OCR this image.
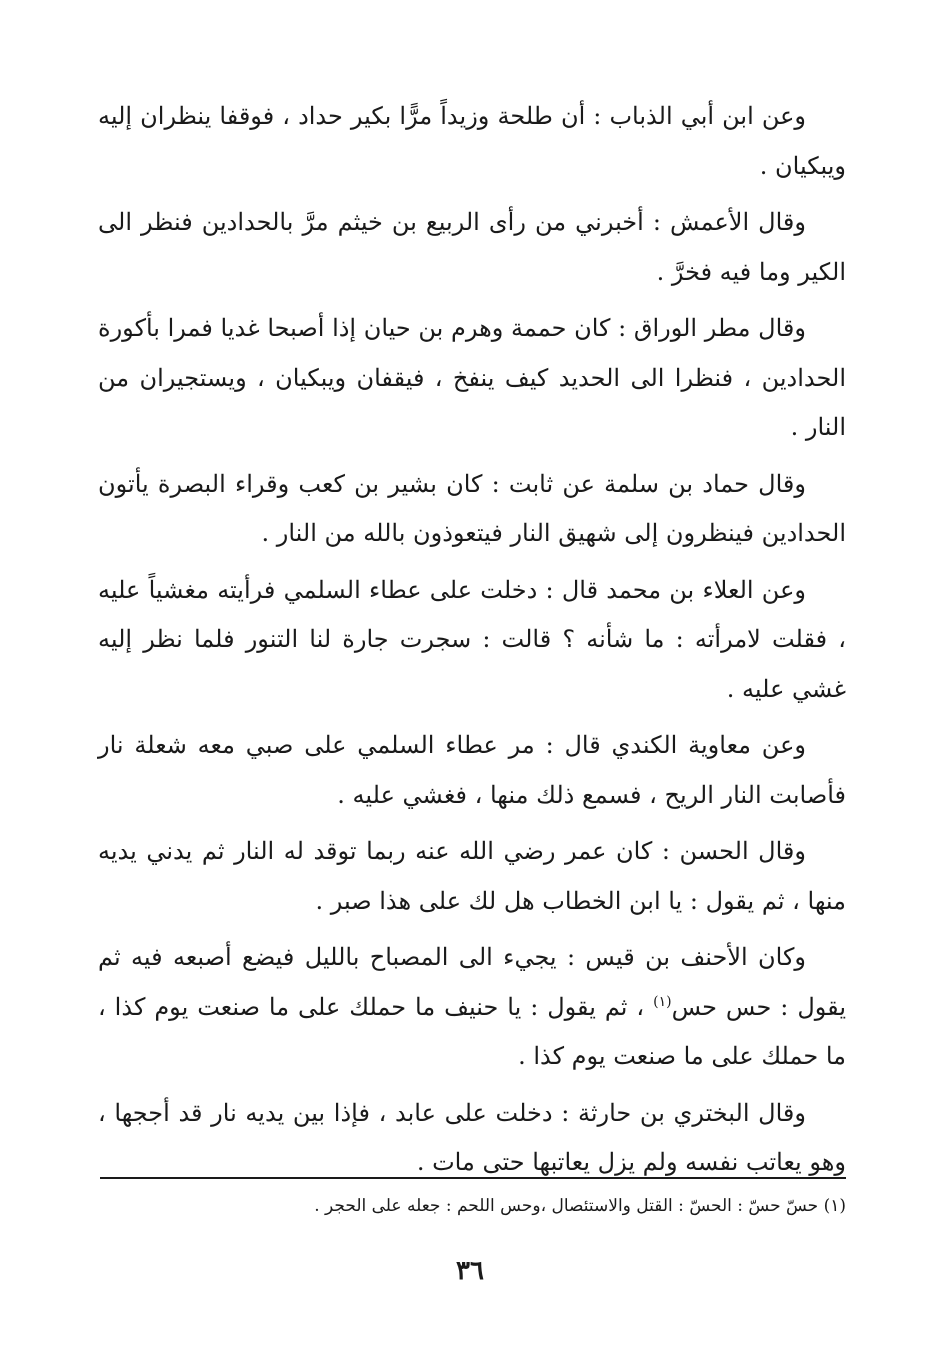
وعن ابن أبي الذباب : أن طلحة وزيداً مرًّا بكير حداد ، فوقفا ينظران إليه ويبكيان .

وقال الأعمش : أخبرني من رأى الربيع بن خيثم مرَّ بالحدادين فنظر الى الكير وما فيه فخرَّ .

وقال مطر الوراق : كان حممة وهرم بن حيان إذا أصبحا غديا فمرا بأكورة الحدادين ، فنظرا الى الحديد كيف ينفخ ، فيقفان ويبكيان ، ويستجيران من النار .

وقال حماد بن سلمة عن ثابت : كان بشير بن كعب وقراء البصرة يأتون الحدادين فينظرون إلى شهيق النار فيتعوذون بالله من النار .

وعن العلاء بن محمد قال : دخلت على عطاء السلمي فرأيته مغشياً عليه ، فقلت لامرأته : ما شأنه ؟ قالت : سجرت جارة لنا التنور فلما نظر إليه غشي عليه .

وعن معاوية الكندي قال : مر عطاء السلمي على صبي معه شعلة نار فأصابت النار الريح ، فسمع ذلك منها ، فغشي عليه .

وقال الحسن : كان عمر رضي الله عنه ربما توقد له النار ثم يدني يديه منها ، ثم يقول : يا ابن الخطاب هل لك على هذا صبر .

وكان الأحنف بن قيس : يجيء الى المصباح بالليل فيضع أصبعه فيه ثم يقول : حس حس$^{(١)}$ ، ثم يقول : يا حنيف ما حملك على ما صنعت يوم كذا ، ما حملك على ما صنعت يوم كذا .

وقال البختري بن حارثة : دخلت على عابد ، فإذا بين يديه نار قد أججها ، وهو يعاتب نفسه ولم يزل يعاتبها حتى مات .

(١) حسّ حسّ : الحسّ : القتل والاستئصال ،وحس اللحم : جعله على الحجر .
٣٦
